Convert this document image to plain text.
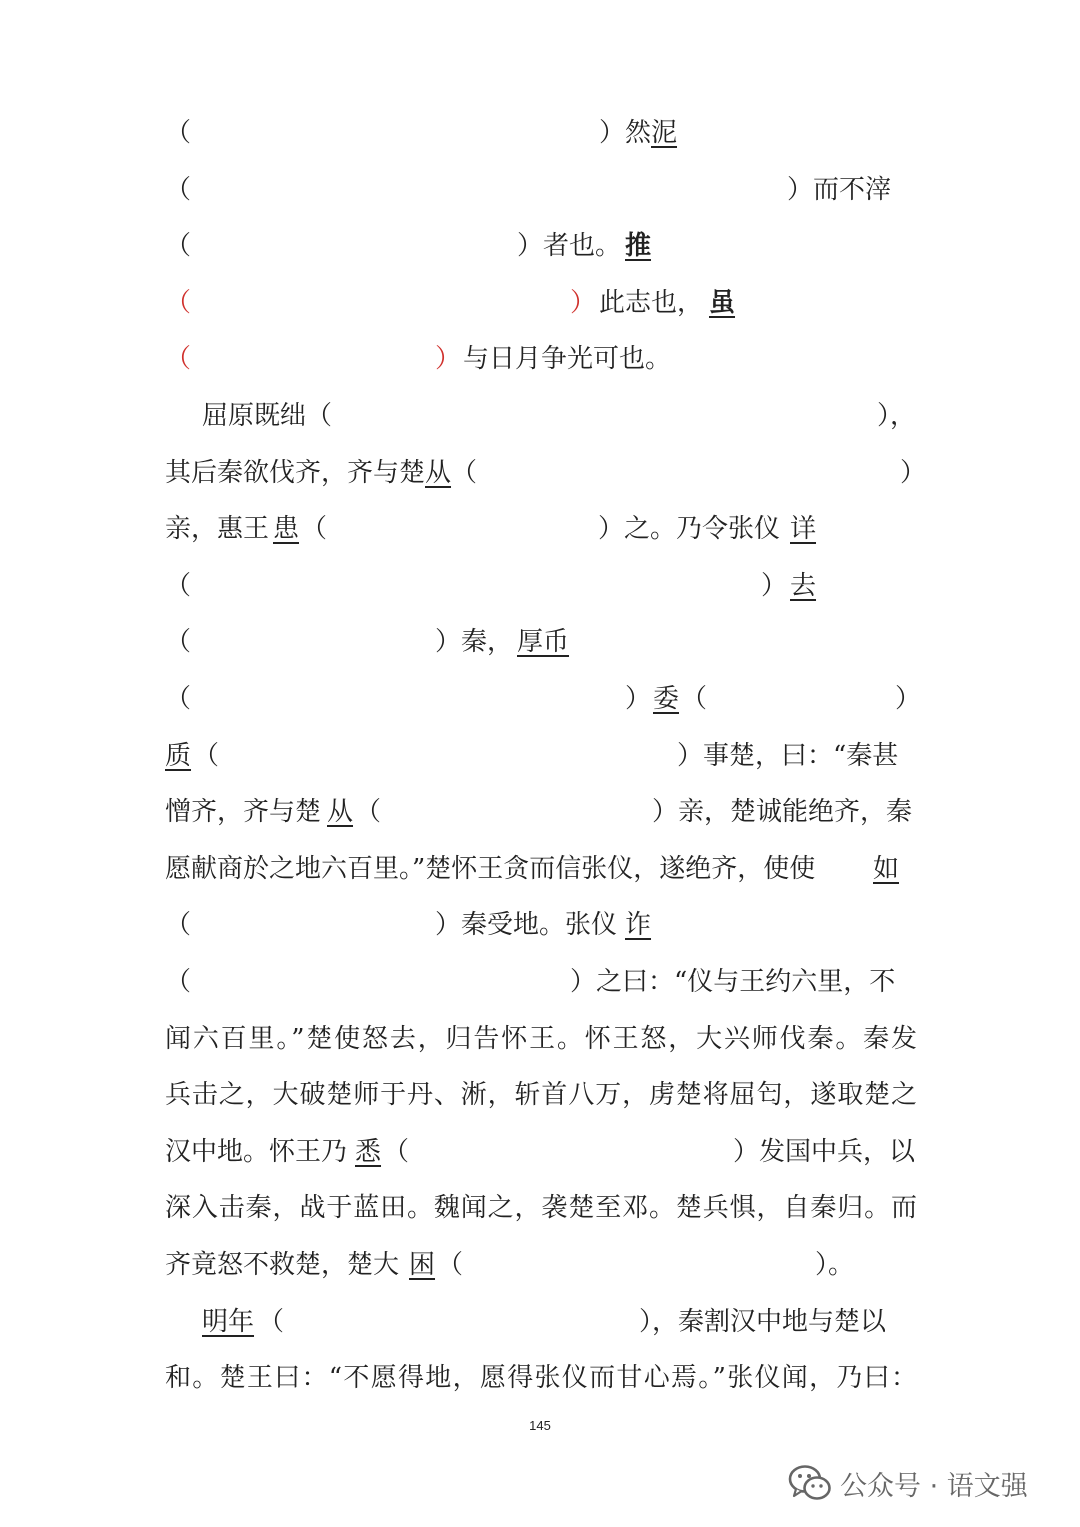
（	）然 泥
（	）而不滓
（	）者也。 推
（	） 此志也， 虽
（	） 与日月争光可也。
屈原既绌（	），
其后秦欲伐齐，齐与楚 从 （	）
亲，惠王 患 （	）之。乃令张仪 详
（	） 去
（	）秦， 厚币
（	） 委 （	）
质 （	）事楚，曰：“秦甚
憎齐，齐与楚 从 （	）亲，楚诚能绝齐，秦
愿献商於之地六百里。”楚怀王贪而信张仪，遂绝齐，使使 如
（	）秦受地。张仪 诈
（	）之曰：“仪与王约六里，不
闻六百里。”楚使怒去，归告怀王。怀王怒，大兴师伐秦。秦发
兵击之，大破楚师于丹、淅，斩首八万，虏楚将屈匄，遂取楚之
汉中地。怀王乃 悉 （	）发国中兵，以
深入击秦，战于蓝田。魏闻之，袭楚至邓。楚兵惧，自秦归。而
齐竟怒不救楚，楚大 困 （	）。
明年 （	），秦割汉中地与楚以
和。楚王曰：“不愿得地，愿得张仪而甘心焉。”张仪闻，乃曰：
145
公众号 · 语文强
